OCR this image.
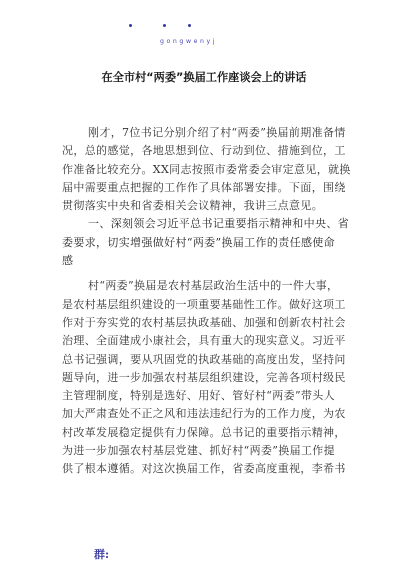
gongwenyj
在全市村“两委”换届工作座谈会上的讲话
刚才，7位书记分别介绍了村“两委”换届前期准备情
况，总的感觉，各地思想到位、行动到位、措施到位，工
作准备比较充分。XX同志按照市委常委会审定意见，就换
届中需要重点把握的工作作了具体部署安排。下面，围绕
贯彻落实中央和省委相关会议精神，我讲三点意见。
一、深刻领会习近平总书记重要指示精神和中央、省
委要求，切实增强做好村“两委”换届工作的责任感使命
感
村“两委”换届是农村基层政治生活中的一件大事，
是农村基层组织建设的一项重要基础性工作。做好这项工
作对于夯实党的农村基层执政基础、加强和创新农村社会
治理、全面建成小康社会，具有重大的现实意义。习近平
总书记强调，要从巩固党的执政基础的高度出发，坚持问
题导向，进一步加强农村基层组织建设，完善各项村级民
主管理制度，特别是选好、用好、管好村“两委”带头人
加大严肃查处不正之风和违法违纪行为的工作力度，为农
村改革发展稳定提供有力保障。总书记的重要指示精神，
为进一步加强农村基层党建、抓好村“两委”换届工作提
供了根本遵循。对这次换届工作，省委高度重视，李希书
群:
